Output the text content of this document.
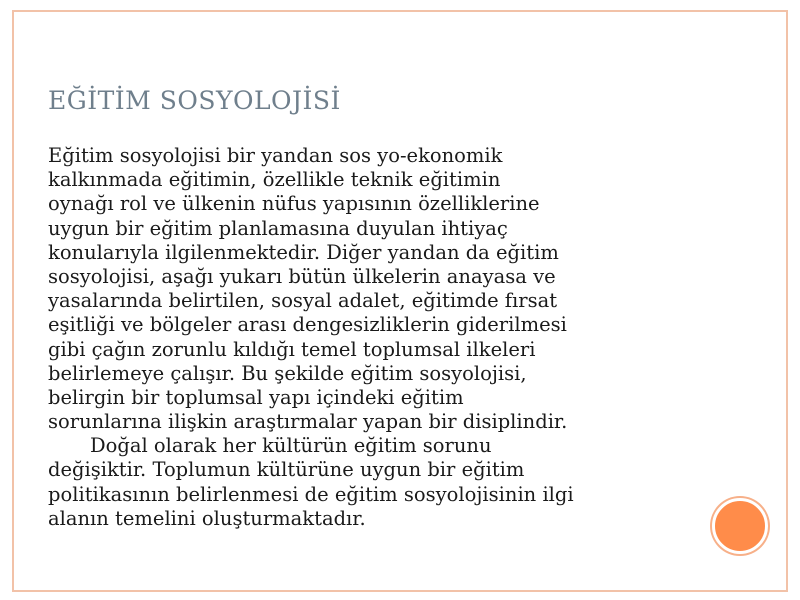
EĞİTİM SOSYOLOJİSİ
Eğitim sosyolojisi bir yandan sos yo-ekonomik
kalkınmada eğitimin, özellikle teknik eğitimin
oynağı rol ve ülkenin nüfus yapısının özelliklerine
uygun bir eğitim planlamasına duyulan ihtiyaç
konularıyla ilgilenmektedir. Diğer yandan da eğitim
sosyolojisi, aşağı yukarı bütün ülkelerin anayasa ve
yasalarında belirtilen, sosyal adalet, eğitimde fırsat
eşitliği ve bölgeler arası dengesizliklerin giderilmesi
gibi çağın zorunlu kıldığı temel toplumsal ilkeleri
belirlemeye çalışır. Bu şekilde eğitim sosyolojisi,
belirgin bir toplumsal yapı içindeki eğitim
sorunlarına ilişkin araştırmalar yapan bir disiplindir.
Doğal olarak her kültürün eğitim sorunu
değişiktir. Toplumun kültürüne uygun bir eğitim
politikasının belirlenmesi de eğitim sosyolojisinin ilgi
alanın temelini oluşturmaktadır.
